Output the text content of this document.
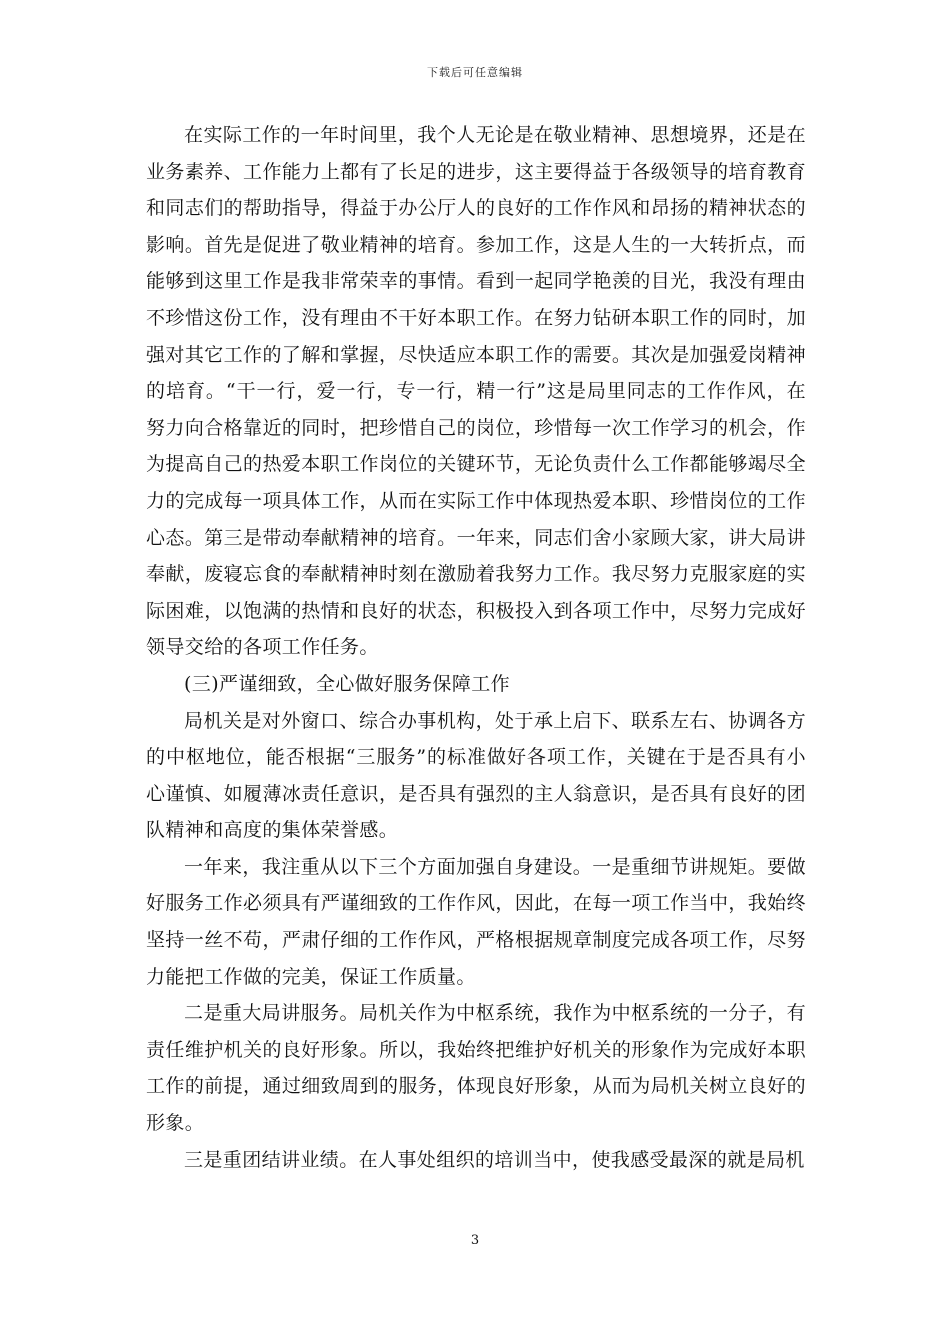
下载后可任意编辑

在实际工作的一年时间里，我个人无论是在敬业精神、思想境界，还是在业务素养、工作能力上都有了长足的进步，这主要得益于各级领导的培育教育和同志们的帮助指导，得益于办公厅人的良好的工作作风和昂扬的精神状态的影响。首先是促进了敬业精神的培育。参加工作，这是人生的一大转折点，而能够到这里工作是我非常荣幸的事情。看到一起同学艳羡的目光，我没有理由不珍惜这份工作，没有理由不干好本职工作。在努力钻研本职工作的同时，加强对其它工作的了解和掌握，尽快适应本职工作的需要。其次是加强爱岗精神的培育。“干一行，爱一行，专一行，精一行”这是局里同志的工作作风，在努力向合格靠近的同时，把珍惜自己的岗位，珍惜每一次工作学习的机会，作为提高自己的热爱本职工作岗位的关键环节，无论负责什么工作都能够竭尽全力的完成每一项具体工作，从而在实际工作中体现热爱本职、珍惜岗位的工作心态。第三是带动奉献精神的培育。一年来，同志们舍小家顾大家，讲大局讲奉献，废寝忘食的奉献精神时刻在激励着我努力工作。我尽努力克服家庭的实际困难，以饱满的热情和良好的状态，积极投入到各项工作中，尽努力完成好领导交给的各项工作任务。

(三)严谨细致，全心做好服务保障工作

局机关是对外窗口、综合办事机构，处于承上启下、联系左右、协调各方的中枢地位，能否根据“三服务”的标准做好各项工作，关键在于是否具有小心谨慎、如履薄冰责任意识，是否具有强烈的主人翁意识，是否具有良好的团队精神和高度的集体荣誉感。

一年来，我注重从以下三个方面加强自身建设。一是重细节讲规矩。要做好服务工作必须具有严谨细致的工作作风，因此，在每一项工作当中，我始终坚持一丝不苟，严肃仔细的工作作风，严格根据规章制度完成各项工作，尽努力能把工作做的完美，保证工作质量。

二是重大局讲服务。局机关作为中枢系统，我作为中枢系统的一分子，有责任维护机关的良好形象。所以，我始终把维护好机关的形象作为完成好本职工作的前提，通过细致周到的服务，体现良好形象，从而为局机关树立良好的形象。

三是重团结讲业绩。在人事处组织的培训当中，使我感受最深的就是局机

3
